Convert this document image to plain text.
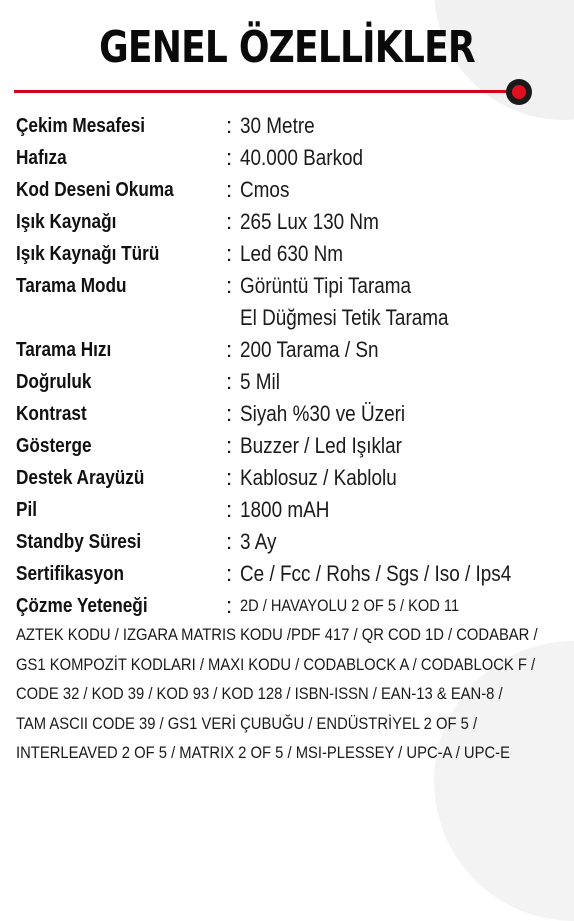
GENEL ÖZELLİKLER
Çekim Mesafesi	: 30 Metre
Hafıza	: 40.000 Barkod
Kod Deseni Okuma	: Cmos
Işık Kaynağı	: 265 Lux 130 Nm
Işık Kaynağı Türü	: Led 630 Nm
Tarama Modu	: Görüntü Tipi Tarama
El Düğmesi Tetik Tarama
Tarama Hızı	: 200 Tarama / Sn
Doğruluk	: 5 Mil
Kontrast	: Siyah %30 ve Üzeri
Gösterge	: Buzzer / Led Işıklar
Destek Arayüzü	: Kablosuz / Kablolu
Pil	: 1800 mAH
Standby Süresi	: 3 Ay
Sertifikasyon	: Ce / Fcc / Rohs / Sgs / Iso / Ips4
Çözme Yeteneği	: 2D / HAVAYOLU 2 OF 5 / KOD 11
AZTEK KODU / IZGARA MATRIS KODU /PDF 417 / QR COD 1D / CODABAR /
GS1 KOMPOZİT KODLARI / MAXI KODU / CODABLOCK A / CODABLOCK F /
CODE 32 / KOD 39 / KOD 93 / KOD 128 / ISBN-ISSN / EAN-13 & EAN-8 /
TAM ASCII CODE 39 / GS1 VERİ ÇUBUĞU / ENDÜSTRİYEL 2 OF 5 /
INTERLEAVED 2 OF 5 / MATRIX 2 OF 5 / MSI-PLESSEY / UPC-A / UPC-E
